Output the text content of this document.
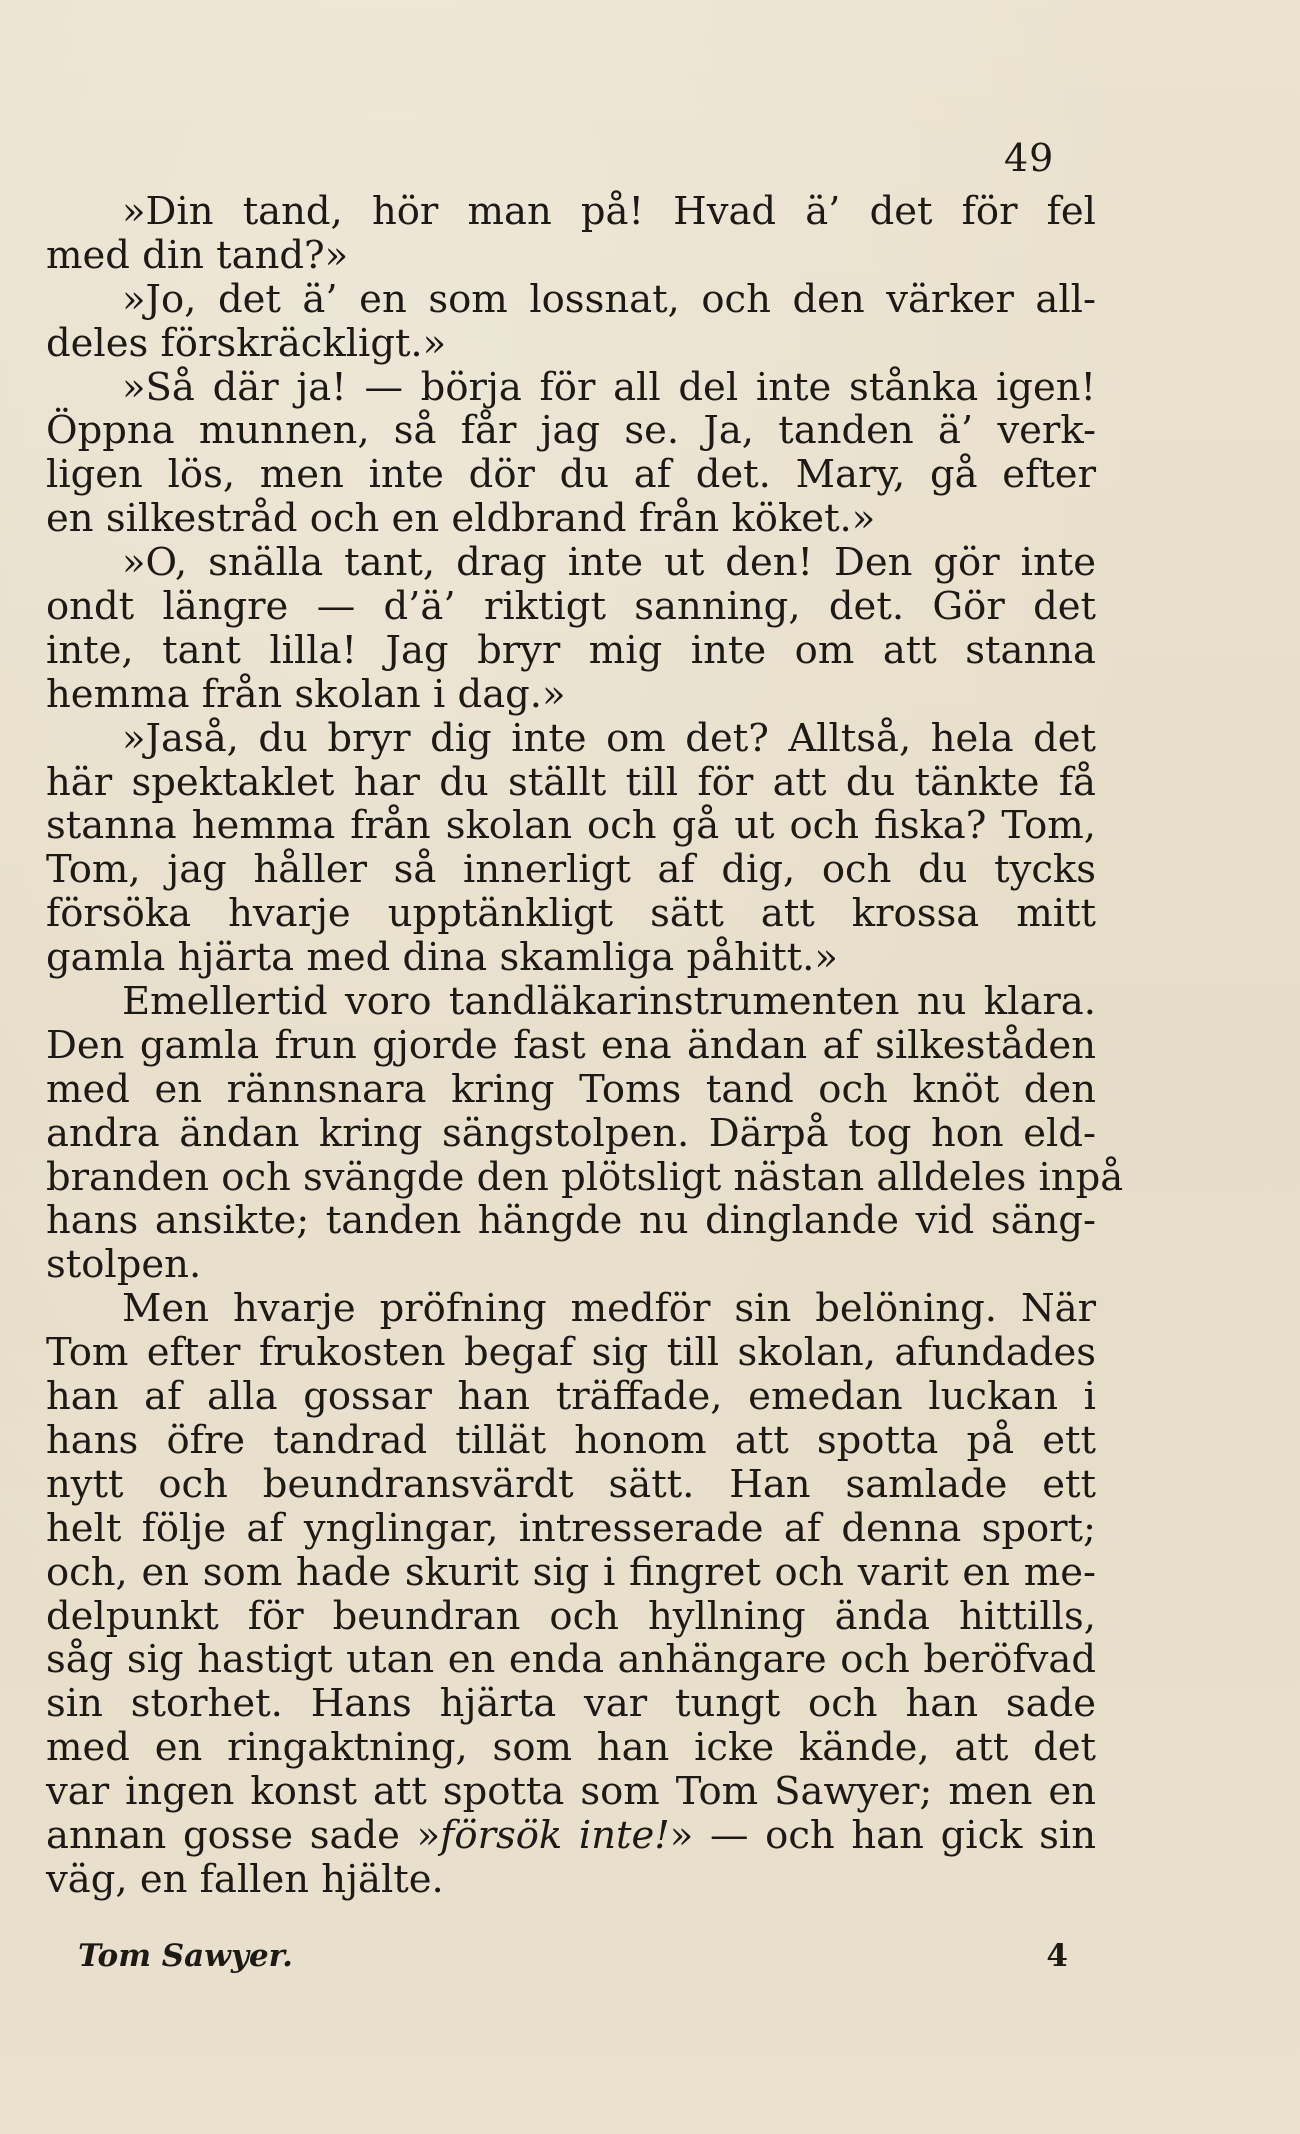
49
»Din tand, hör man på! Hvad ä’ det för fel
med din tand?»
»Jo, det ä’ en som lossnat, och den värker all-
deles förskräckligt.»
»Så där ja! — börja för all del inte stånka igen!
Öppna munnen, så får jag se. Ja, tanden ä’ verk-
ligen lös, men inte dör du af det. Mary, gå efter
en silkestråd och en eldbrand från köket.»
»O, snälla tant, drag inte ut den! Den gör inte
ondt längre — d’ä’ riktigt sanning, det. Gör det
inte, tant lilla! Jag bryr mig inte om att stanna
hemma från skolan i dag.»
»Jaså, du bryr dig inte om det? Alltså, hela det
här spektaklet har du ställt till för att du tänkte få
stanna hemma från skolan och gå ut och fiska? Tom,
Tom, jag håller så innerligt af dig, och du tycks
försöka hvarje upptänkligt sätt att krossa mitt
gamla hjärta med dina skamliga påhitt.»
Emellertid voro tandläkarinstrumenten nu klara.
Den gamla frun gjorde fast ena ändan af silkeståden
med en rännsnara kring Toms tand och knöt den
andra ändan kring sängstolpen. Därpå tog hon eld-
branden och svängde den plötsligt nästan alldeles inpå
hans ansikte; tanden hängde nu dinglande vid säng-
stolpen.
Men hvarje pröfning medför sin belöning. När
Tom efter frukosten begaf sig till skolan, afundades
han af alla gossar han träffade, emedan luckan i
hans öfre tandrad tillät honom att spotta på ett
nytt och beundransvärdt sätt. Han samlade ett
helt följe af ynglingar, intresserade af denna sport;
och, en som hade skurit sig i fingret och varit en me-
delpunkt för beundran och hyllning ända hittills,
såg sig hastigt utan en enda anhängare och beröfvad
sin storhet. Hans hjärta var tungt och han sade
med en ringaktning, som han icke kände, att det
var ingen konst att spotta som Tom Sawyer; men en
annan gosse sade »försök inte!» — och han gick sin
väg, en fallen hjälte.
Tom Sawyer.	4
